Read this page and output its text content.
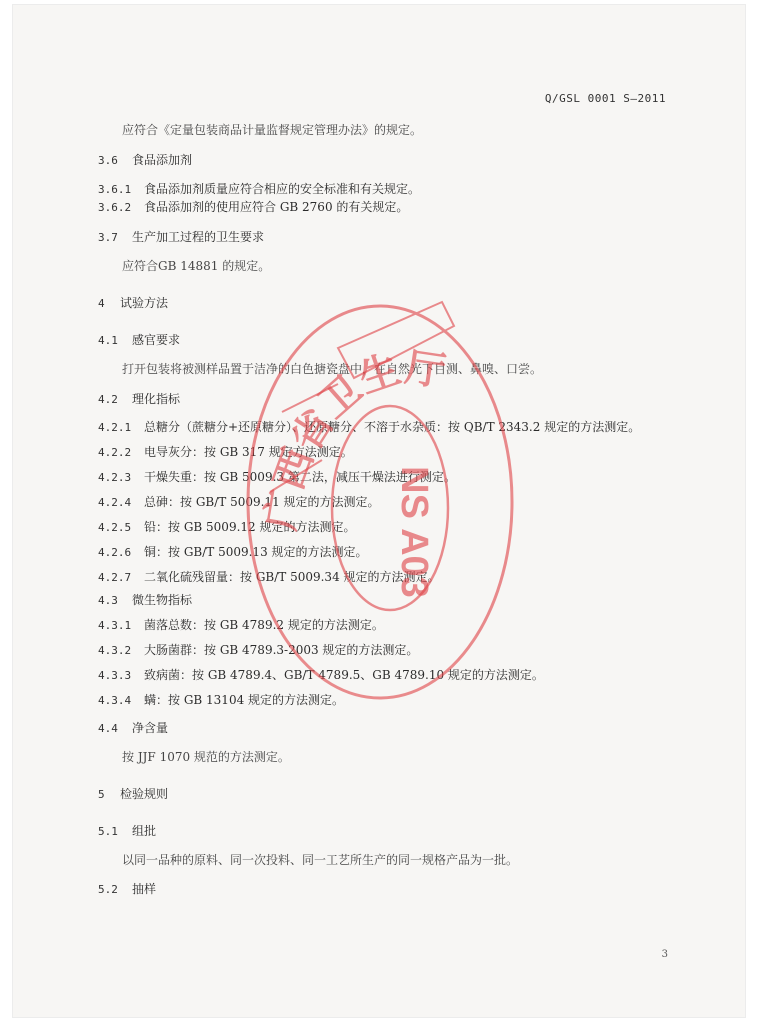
Q/GSL 0001 S—2011
应符合《定量包装商品计量监督规定管理办法》的规定。
3.6 食品添加剂
3.6.1 食品添加剂质量应符合相应的安全标准和有关规定。
3.6.2 食品添加剂的使用应符合 GB 2760 的有关规定。
3.7 生产加工过程的卫生要求
应符合GB 14881 的规定。
4 试验方法
4.1 感官要求
打开包装将被测样品置于洁净的白色搪瓷盘中，在自然光下目测、鼻嗅、口尝。
4.2 理化指标
4.2.1 总糖分（蔗糖分+还原糖分）、还原糖分、不溶于水杂质：按 QB/T 2343.2 规定的方法测定。
4.2.2 电导灰分：按 GB 317 规定方法测定。
4.2.3 干燥失重：按 GB 5009.3 第二法，减压干燥法进行测定。
4.2.4 总砷：按 GB/T 5009.11 规定的方法测定。
4.2.5 铅：按 GB 5009.12 规定的方法测定。
4.2.6 铜：按 GB/T 5009.13 规定的方法测定。
4.2.7 二氧化硫残留量：按 GB/T 5009.34 规定的方法测定。
4.3 微生物指标
4.3.1 菌落总数：按 GB 4789.2 规定的方法测定。
4.3.2 大肠菌群：按 GB 4789.3-2003 规定的方法测定。
4.3.3 致病菌：按 GB 4789.4、GB/T 4789.5、GB 4789.10 规定的方法测定。
4.3.4 螨：按 GB 13104 规定的方法测定。
4.4 净含量
按 JJF 1070 规范的方法测定。
5 检验规则
5.1 组批
以同一品种的原料、同一次投料、同一工艺所生产的同一规格产品为一批。
5.2 抽样
3
广西省卫生厅
NS A03
